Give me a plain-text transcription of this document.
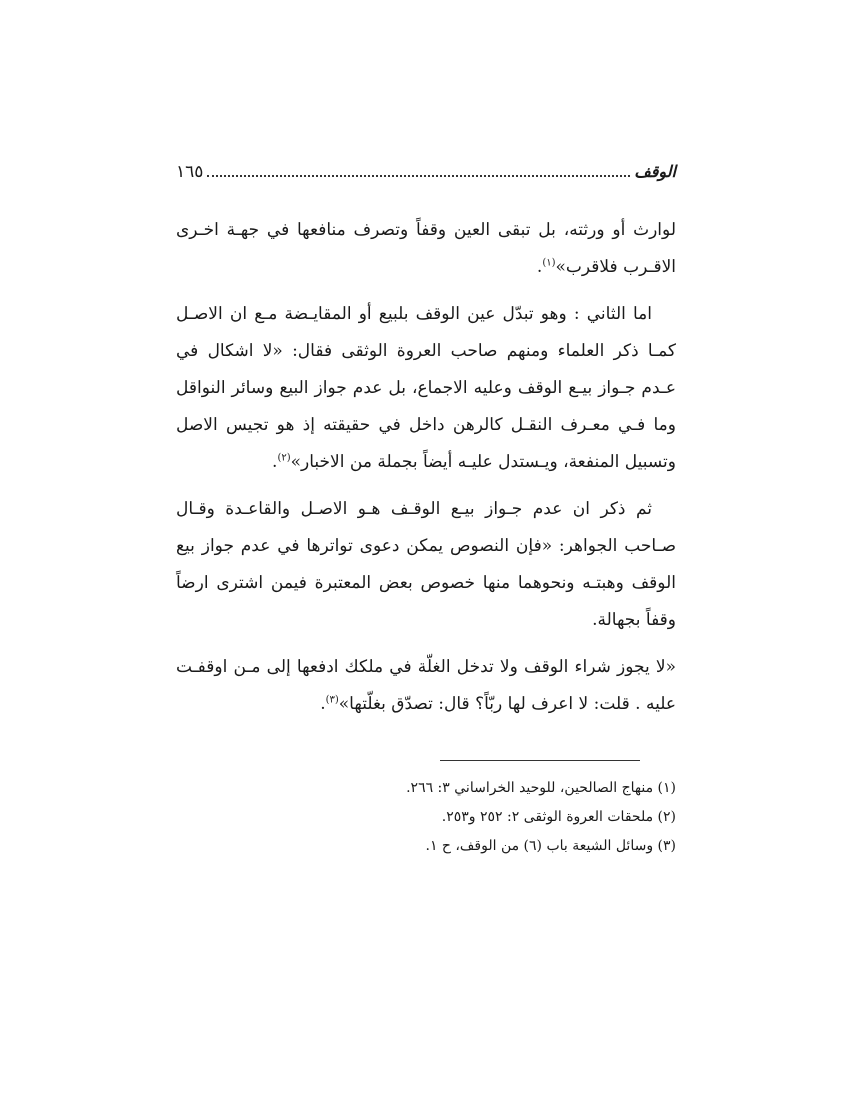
الوقف
١٦٥

لوارث أو ورثته، بل تبقى العين وقفاً وتصرف منافعها في جهـة اخـرى الاقـرب فلاقرب»$^{(١)}$.

اما الثاني : وهو تبدّل عين الوقف بلبيع أو المقايـضة مـع ان الاصـل كمـا ذكر العلماء ومنهم صاحب العروة الوثقى فقال: «لا اشكال في عـدم جـواز بيـع الوقف وعليه الاجماع، بل عدم جواز البيع وسائر النواقل وما فـي معـرف النقـل كالرهن داخل في حقيقته إذ هو تجيس الاصل وتسبيل المنفعة، ويـستدل عليـه أيضاً بجملة من الاخبار»$^{(٢)}$.

ثم ذكر ان عدم جـواز بيـع الوقـف هـو الاصـل والقاعـدة وقـال صـاحب الجواهر: «فإن النصوص يمكن دعوى تواترها في عدم جواز بيع الوقف وهبتـه ونحوهما منها خصوص بعض المعتبرة فيمن اشترى ارضاً وقفاً بجهالة.

«لا يجوز شراء الوقف ولا تدخل الغلّة في ملكك ادفعها إلى مـن اوقفـت عليه . قلت: لا اعرف لها ربّاً؟ قال: تصدّق بغلّتها»$^{(٣)}$.

(١) منهاج الصالحين، للوحيد الخراساني ٣: ٢٦٦.

(٢) ملحقات العروة الوثقى ٢: ٢٥٢ و٢٥٣.

(٣) وسائل الشيعة باب (٦) من الوقف، ح ١.
